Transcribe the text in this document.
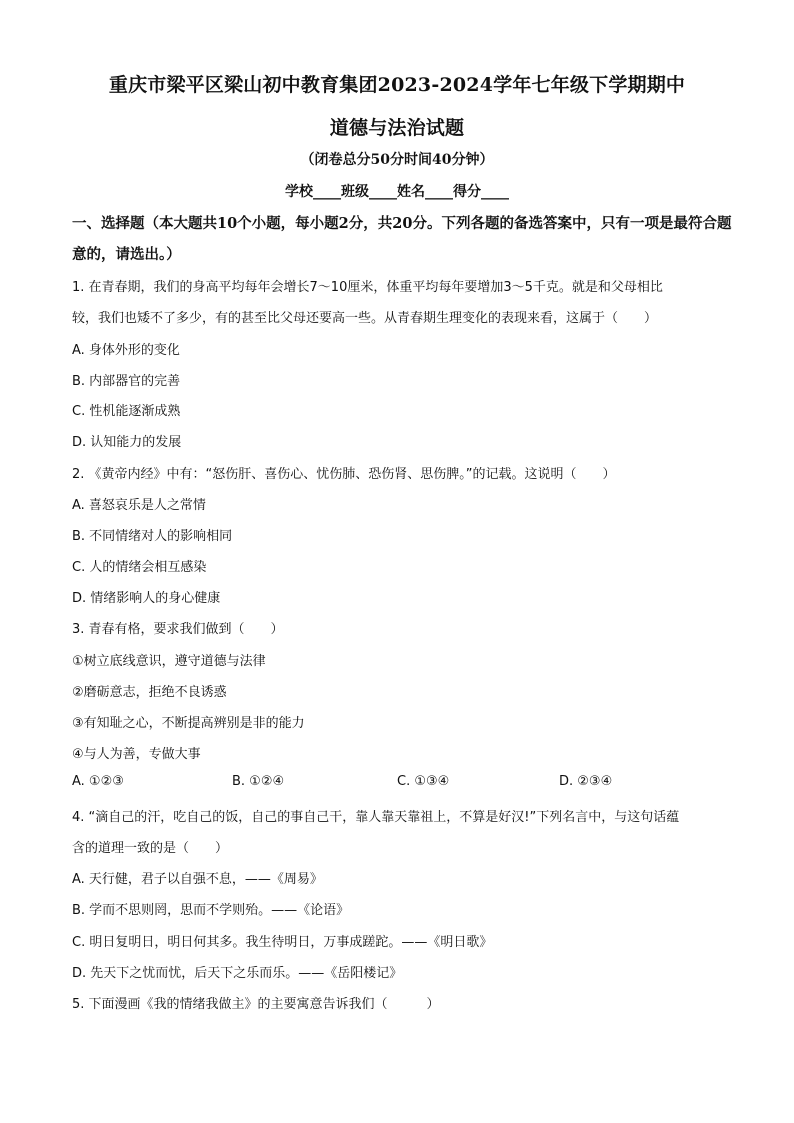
重庆市梁平区梁山初中教育集团2023-2024学年七年级下学期期中
道德与法治试题
（闭卷总分50分时间40分钟）
学校____班级____姓名____得分____
一、选择题（本大题共10个小题，每小题2分，共20分。下列各题的备选答案中，只有一项是最符合题意的，请选出。）
1. 在青春期，我们的身高平均每年会增长7～10厘米，体重平均每年要增加3～5千克。就是和父母相比
较，我们也矮不了多少，有的甚至比父母还要高一些。从青春期生理变化的表现来看，这属于（　　）
A. 身体外形的变化
B. 内部器官的完善
C. 性机能逐渐成熟
D. 认知能力的发展
2. 《黄帝内经》中有：“怒伤肝、喜伤心、忧伤肺、恐伤肾、思伤脾。”的记载。这说明（　　）
A. 喜怒哀乐是人之常情
B. 不同情绪对人的影响相同
C. 人的情绪会相互感染
D. 情绪影响人的身心健康
3. 青春有格，要求我们做到（　　）
①树立底线意识，遵守道德与法律
②磨砺意志，拒绝不良诱惑
③有知耻之心，不断提高辨别是非的能力
④与人为善，专做大事
A. ①②③	B. ①②④	C. ①③④	D. ②③④
4. “滴自己的汗，吃自己的饭，自己的事自己干，靠人靠天靠祖上，不算是好汉!”下列名言中，与这句话蕴
含的道理一致的是（　　）
A. 天行健，君子以自强不息，——《周易》
B. 学而不思则罔，思而不学则殆。——《论语》
C. 明日复明日，明日何其多。我生待明日，万事成蹉跎。——《明日歌》
D. 先天下之忧而忧，后天下之乐而乐。——《岳阳楼记》
5. 下面漫画《我的情绪我做主》的主要寓意告诉我们（　　　）
